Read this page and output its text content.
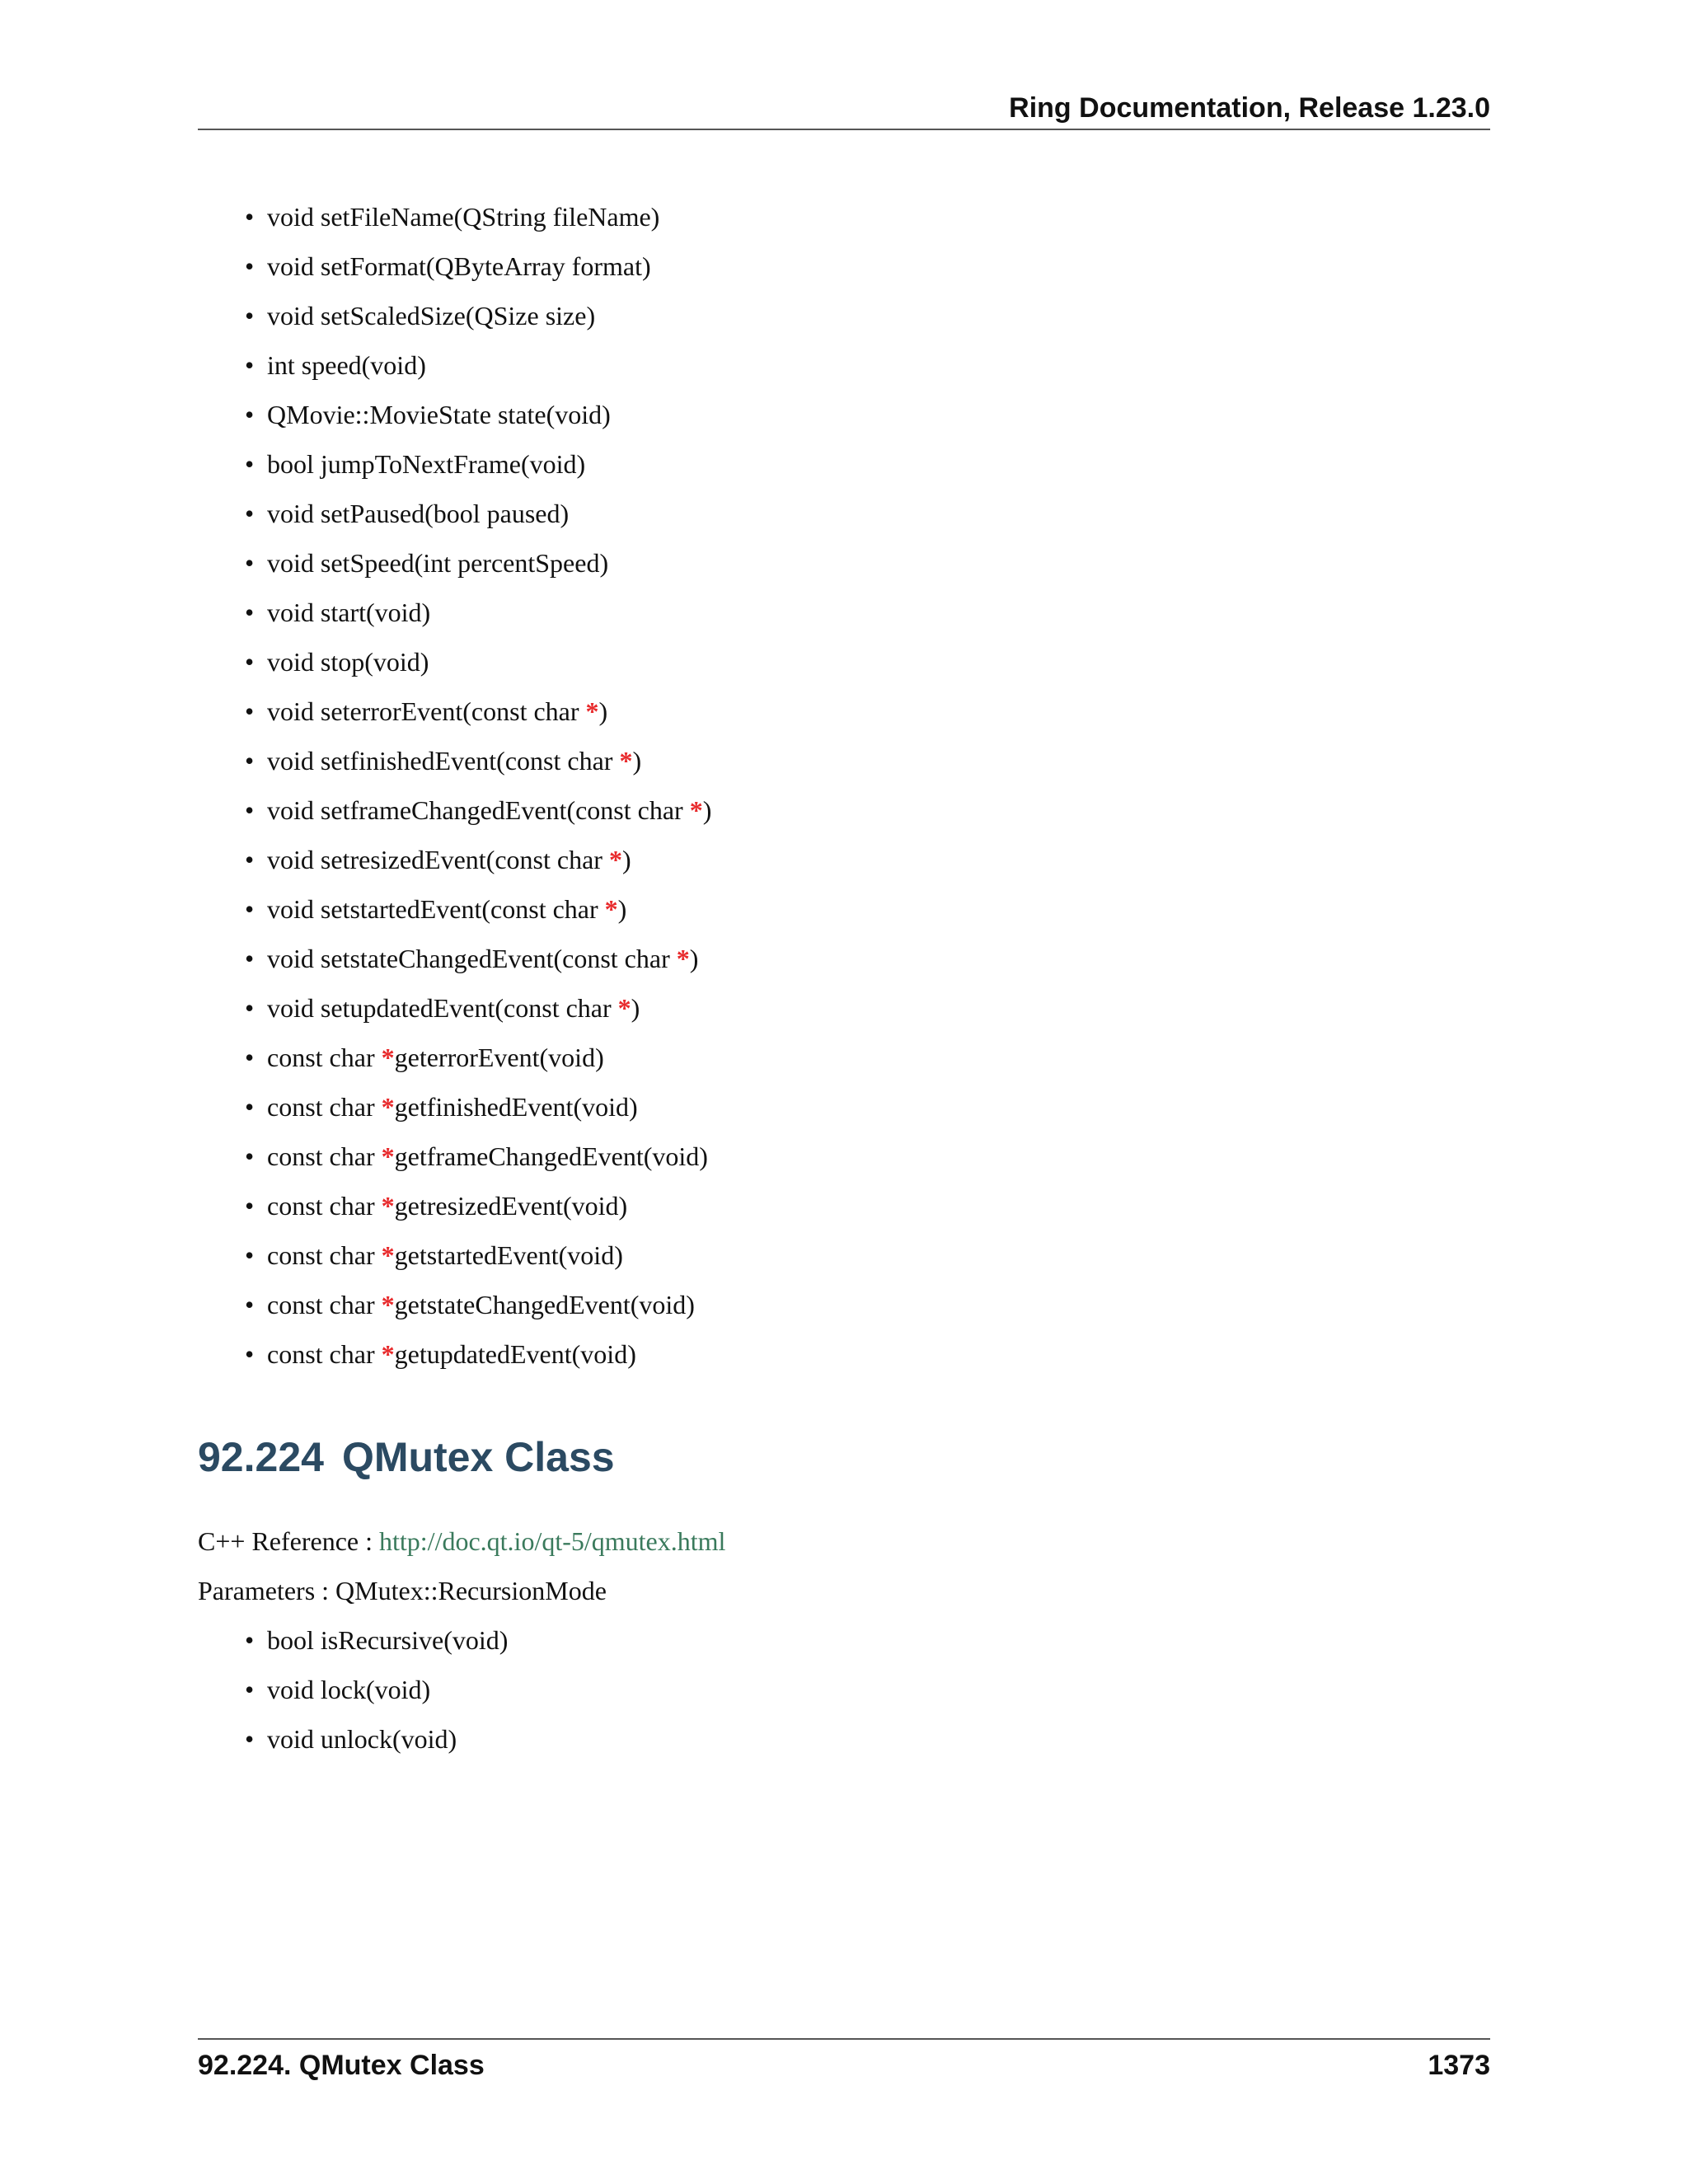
Ring Documentation, Release 1.23.0
• void setFileName(QString fileName)
• void setFormat(QByteArray format)
• void setScaledSize(QSize size)
• int speed(void)
• QMovie::MovieState state(void)
• bool jumpToNextFrame(void)
• void setPaused(bool paused)
• void setSpeed(int percentSpeed)
• void start(void)
• void stop(void)
• void seterrorEvent(const char *)
• void setfinishedEvent(const char *)
• void setframeChangedEvent(const char *)
• void setresizedEvent(const char *)
• void setstartedEvent(const char *)
• void setstateChangedEvent(const char *)
• void setupdatedEvent(const char *)
• const char *geterrorEvent(void)
• const char *getfinishedEvent(void)
• const char *getframeChangedEvent(void)
• const char *getresizedEvent(void)
• const char *getstartedEvent(void)
• const char *getstateChangedEvent(void)
• const char *getupdatedEvent(void)
92.224 QMutex Class
C++ Reference : http://doc.qt.io/qt-5/qmutex.html
Parameters : QMutex::RecursionMode
• bool isRecursive(void)
• void lock(void)
• void unlock(void)
92.224. QMutex Class	1373
